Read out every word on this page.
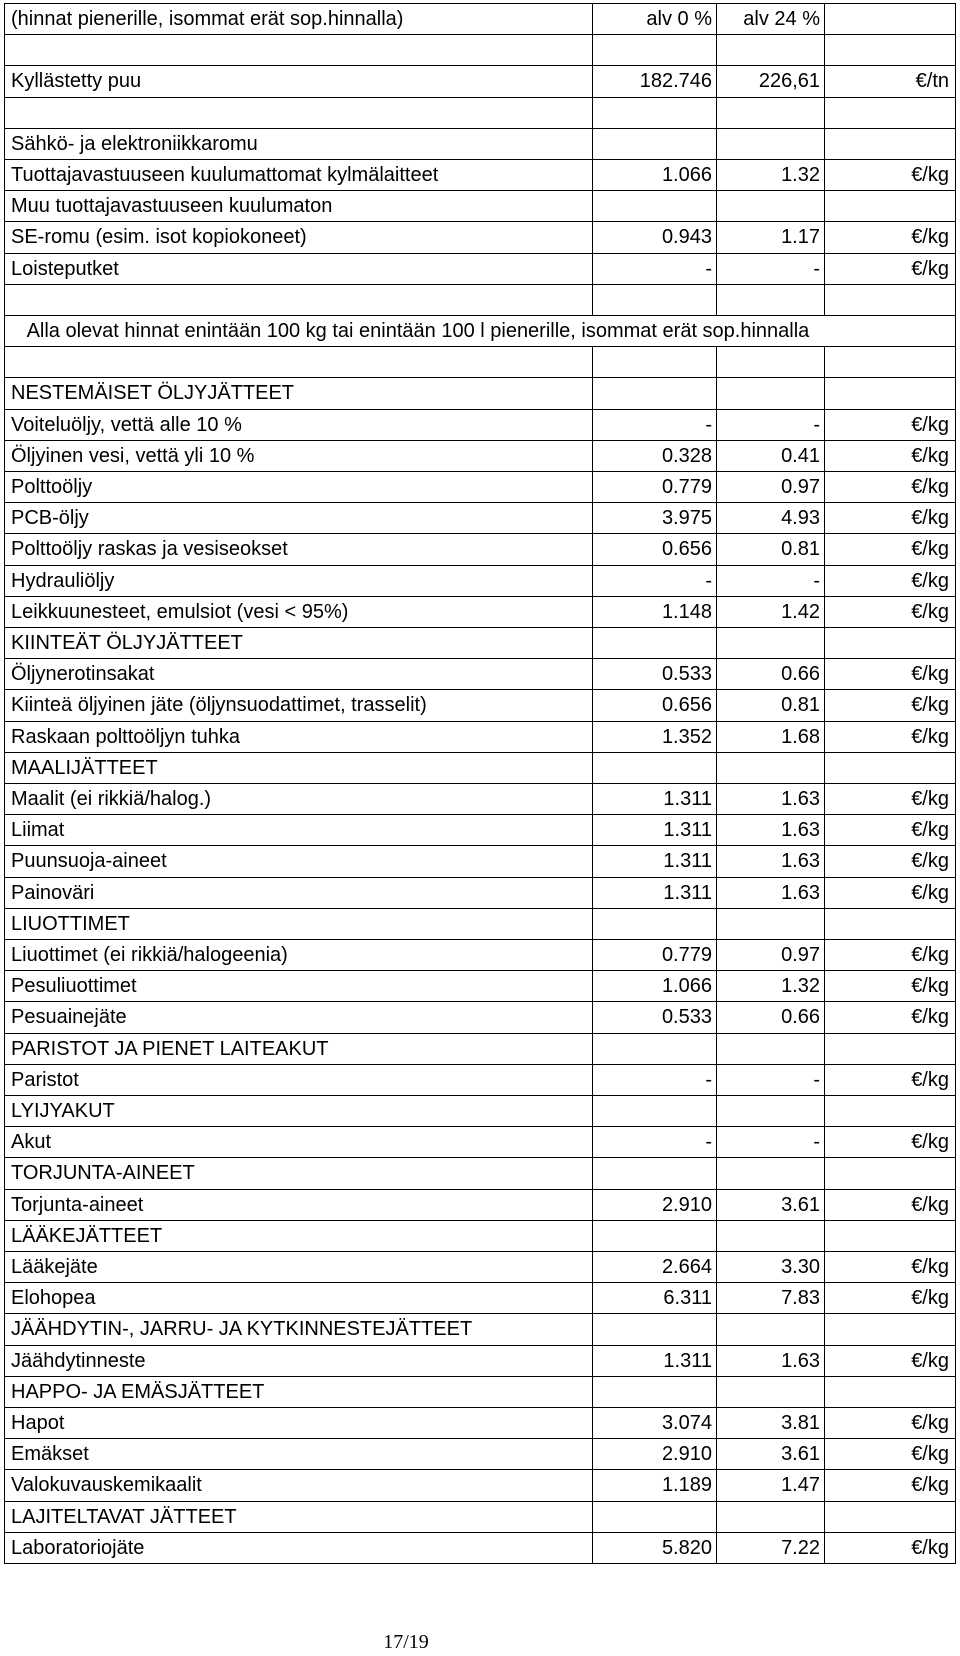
(hinnat pienerille, isommat erät sop.hinnalla)	alv 0 %	alv 24 %
Kyllästetty puu	182.746	226,61	€/tn
Sähkö- ja elektroniikkaromu
Tuottajavastuuseen kuulumattomat kylmälaitteet	1.066	1.32	€/kg
Muu tuottajavastuuseen kuulumaton
SE-romu (esim. isot kopiokoneet)	0.943	1.17	€/kg
Loisteputket	-	-	€/kg
Alla olevat hinnat enintään 100 kg tai enintään 100 l pienerille, isommat erät sop.hinnalla
NESTEMÄISET ÖLJYJÄTTEET
Voiteluöljy, vettä alle 10 %	-	-	€/kg
Öljyinen vesi, vettä yli 10 %	0.328	0.41	€/kg
Polttoöljy	0.779	0.97	€/kg
PCB-öljy	3.975	4.93	€/kg
Polttoöljy raskas ja vesiseokset	0.656	0.81	€/kg
Hydrauliöljy	-	-	€/kg
Leikkuunesteet, emulsiot (vesi < 95%)	1.148	1.42	€/kg
KIINTEÄT ÖLJYJÄTTEET
Öljynerotinsakat	0.533	0.66	€/kg
Kiinteä öljyinen jäte (öljynsuodattimet, trasselit)	0.656	0.81	€/kg
Raskaan polttoöljyn tuhka	1.352	1.68	€/kg
MAALIJÄTTEET
Maalit (ei rikkiä/halog.)	1.311	1.63	€/kg
Liimat	1.311	1.63	€/kg
Puunsuoja-aineet	1.311	1.63	€/kg
Painoväri	1.311	1.63	€/kg
LIUOTTIMET
Liuottimet (ei rikkiä/halogeenia)	0.779	0.97	€/kg
Pesuliuottimet	1.066	1.32	€/kg
Pesuainejäte	0.533	0.66	€/kg
PARISTOT JA PIENET LAITEAKUT
Paristot	-	-	€/kg
LYIJYAKUT
Akut	-	-	€/kg
TORJUNTA-AINEET
Torjunta-aineet	2.910	3.61	€/kg
LÄÄKEJÄTTEET
Lääkejäte	2.664	3.30	€/kg
Elohopea	6.311	7.83	€/kg
JÄÄHDYTIN-, JARRU- JA KYTKINNESTEJÄTTEET
Jäähdytinneste	1.311	1.63	€/kg
HAPPO- JA EMÄSJÄTTEET
Hapot	3.074	3.81	€/kg
Emäkset	2.910	3.61	€/kg
Valokuvauskemikaalit	1.189	1.47	€/kg
LAJITELTAVAT JÄTTEET
Laboratoriojäte	5.820	7.22	€/kg
17/19
